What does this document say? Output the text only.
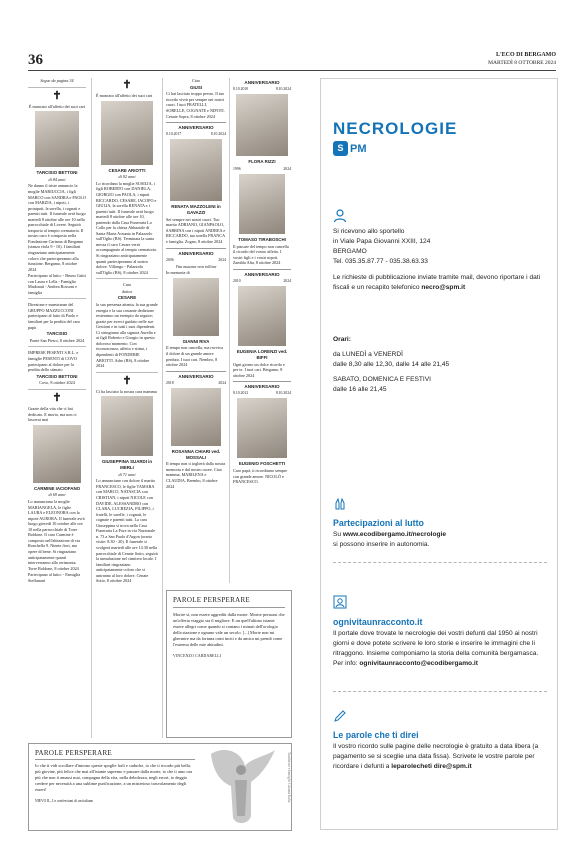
36	L'ECO DI BERGAMO
MARTEDÌ 8 OTTOBRE 2024

Segue da pagina 34

✝

È mancato all'affetto dei suoi cari

TARCISIO BETTONI

di 84 anni

Ne danno il triste annuncio la moglie MARIUCCIA, i figli MARCO con SANDRA e PAOLO con MARZIA, i nipoti, i pronipoti, la sorella, i cognati e parenti tutti. Il funerale avrà luogo martedì 8 ottobre alle ore 10 nella parrocchiale di Lovere. Seguirà trasporto al tempio crematorio. Il nostro caro è composto nella Fondazione Carisma di Bergamo (stanza viola 9 - 10). I familiari ringraziano anticipatamente coloro che parteciperanno alla funzione. Bergamo, 8 ottobre 2024

Partecipano al lutto: - Bruno Gritti con Laura e Lella - Famiglia Madonati - Andrea Rossoni e famiglia

Direzione e maestranze del GRUPPO MAZZUCCONI partecipano al lutto di Paolo e familiari per la perdita del caro papà

TARCISIO

Ponte San Pietro, 8 ottobre 2024

IMPRESE PESENTI S.R.L. e famiglie PESENTI di COVO partecipano al dolore per la perdita dello stimato

TARCISIO BETTONI

Covo, 8 ottobre 2024

✝

Grazie della vita che ci hai dedicato. E morto, ma non ci lascerai mai

CARMINE IACIOFANO

di 69 anni

Lo annunciano la moglie MARIANGELA, le figlie LAURA e ELEONORA con la nipote AURORA. Il funerale avrà luogo giovedì 10 ottobre alle ore 10 nella parrocchiale di Torre Boldone. Il caro Carmine è composto nell'abitazione di via Ronchella 9. Niente fiori, ma opere di bene. Si ringraziano anticipatamente quanti interverranno alla cerimonia. Torre Boldone, 8 ottobre 2024

Partecipano al lutto: - Famiglia Steffanoni

✝

È mancato all'affetto dei suoi cari

CESARE ARIOTTI

di 92 anni

Lo ricordano la moglie SUSILIA, i figli ROBERTO con DANIELA, GIORGIO con PAOLA, i nipoti RICCARDO, CESARE, IACOPO e GIULIA, la sorella RENATA e i parenti tutti. Il funerale avrà luogo martedì 8 ottobre alle ore 10, partendo dalla Casa Funeraria Lo Collo per la chiesa Abbaziale di Santa Maria Assunta in Palazzolo sull'Oglio (BS). Terminata la santa messa il caro Cesare verrà accompagnato al tempio crematorio. Si ringraziano anticipatamente quanti parteciperanno al nostro dolore. Villongo - Palazzolo sull'Oglio (BS), 8 ottobre 2024

Caro

dottor

CESARE

la sua presenza attenta, la sua grande energia e la sua costante dedizione resteranno un esempio da seguire; grazie per averci guidato nelle sue Gestioni e in tutti i suoi dipendenti. Ci stringiamo alla signora Aurelia e ai figli Roberto e Giorgio in questo doloroso momento. Con riconoscenza, affetto e stima, i dipendenti di FONDERIE ARIOTTI. Adro (BS), 8 ottobre 2024

✝

Ci ha lasciato la nostra cara mamma

GIUSEPPINA SUARDI in MERLI

di 71 anni

Lo annunciano con dolore il marito FRANCESCO, le figlie TAMARA con MARCO, NATASCIA con CRISTIAN, i nipoti NICOLE con DAVIDE, ALESSANDRO con CLARA, LUCREZIA, FILIPPO, i fratelli, le sorelle, i cognati, le cognate e parenti tutti. La cara Giuseppina si trova nella Casa Funeraria La Pace in via Nazionale n. 73 a San Paolo d'Argon (orario visite: 8.30 - 20). Il funerale si svolgerà martedì alle ore 14.30 nella parrocchiale di Cenate Sotto, seguirà la tumulazione nel cimitero locale. I familiari ringraziano anticipatamente coloro che si uniranno al loro dolore. Cenate Sotto, 8 ottobre 2024

Ciao

GIUSI

Ci hai lasciato troppo presto. Il tuo ricordo vivrà per sempre nei nostri cuori. I tuoi FRATELLI, SORELLE, COGNATE e NIPOTI. Cenate Sopra, 8 ottobre 2024

ANNIVERSARIO

8.10.2017	8.10.2024

RENATA MAZZOLENI in GAVAZZI

Sei sempre nei nostri cuori. Tuo marito ADRIANO, GIANPAOLO, SABRINA con i nipoti ANDREA e RICCARDO, tua sorella FRANCA e famiglia. Zogno, 8 ottobre 2024

ANNIVERSARIO

2006	2024

Vita mutatur non tollitur

In memoria di

GIANNI RIVA

Il tempo non cancella, ma ravviva il dolore di un grande amore perduto. I tuoi cari. Nembro, 8 ottobre 2024

ANNIVERSARIO

2018	2024

ROSANNA CHIARI ved. MOSSALI

Il tempo non ti toglierà dalla nostra memoria e dal nostro cuore. Ciao mamma, MARILENA e CLAUDIA. Brembo, 8 ottobre 2024

ANNIVERSARIO

8.10.2010	8.10.2024

FLORA RIZZI

1996	2024

TOMASO TIRABOSCHI

Il passare del tempo non cancella il ricordo del vostro affetto. I vostri figli e i vostri nipoti. Zambla Alta, 8 ottobre 2024

ANNIVERSARIO

2010	2024

EUGENIA LORENZI ved. BIFFI

Ogni giorno un dolce ricordo e per te. I tuoi cari. Bergamo, 8 ottobre 2024

ANNIVERSARIO

8.10.2012	8.10.2024

EUGENIO FOSCHETTI

Caro papà, ti ricordiamo sempre con grande amore. NICOLÒ e FRANCESCO.

PAROLE PERSPERARE

Morire sì, non essere aggrediti dalla morte. Morire persuasi che un'offerta viaggio sta il migliore. E un quell'ultimo istante essere allegri come quando si contano i minuti dell'orologio della stazione e ognuno vale un secolo. [...] Morte non mi ghermire ma da fortuna ormi inciti e da amica mi prendi come l'estrema delle mie abitudini.

VINCENZO CARDARELLI

PAROLE PERSPERARE

Io che ti vidi scrollare d'intorno queste spoglie frali e caduche, io che ti ricordo più bella, più giovine, più felice che mai all'istante supremo e passare dalla morte, io che ti amo ora più che non ti amassi mai, compagna della vita, nella debolezza, negli errori, io deggio credere per necessità a una sublime purificazione, a un misterioso trasvolamento degli esseri!

NIEVO IL, Le confessioni di un italiano	Tradizioni e famiglie Catania Italia
NECROLOGIE
S PM
Si ricevono allo sportello
in Viale Papa Giovanni XXIII, 124
BERGAMO
Tel. 035.35.87.77 - 035.38.63.33
Le richieste di pubblicazione inviate tramite mail, devono riportare i dati fiscali e un recapito telefonico necro@spm.it
Orari:
da LUNEDÌ a VENERDÌ
dalle 8,30 alle 12,30, dalle 14 alle 21,45
SABATO, DOMENICA E FESTIVI
dalle 16 alle 21,45
Partecipazioni al lutto
Su www.ecodibergamo.it/necrologie
si possono inserire in autonomia.
ognivitaunracconto.it
Il portale dove trovate le necrologie dei vostri defunti dal 1950 ai nostri giorni e dove potete scrivere le loro storie e inserire le immagini che li ritraggono. Insieme componiamo la storia della comunità bergamasca. Per info: ognivitaunracconto@ecodibergamo.it
Le parole che ti direi
Il vostro ricordo sulle pagine delle necrologie è gratuito a data libera (a pagamento se si sceglie una data fissa). Scrivete le vostre parole per ricordare i defunti a leparolecheti dire@spm.it
